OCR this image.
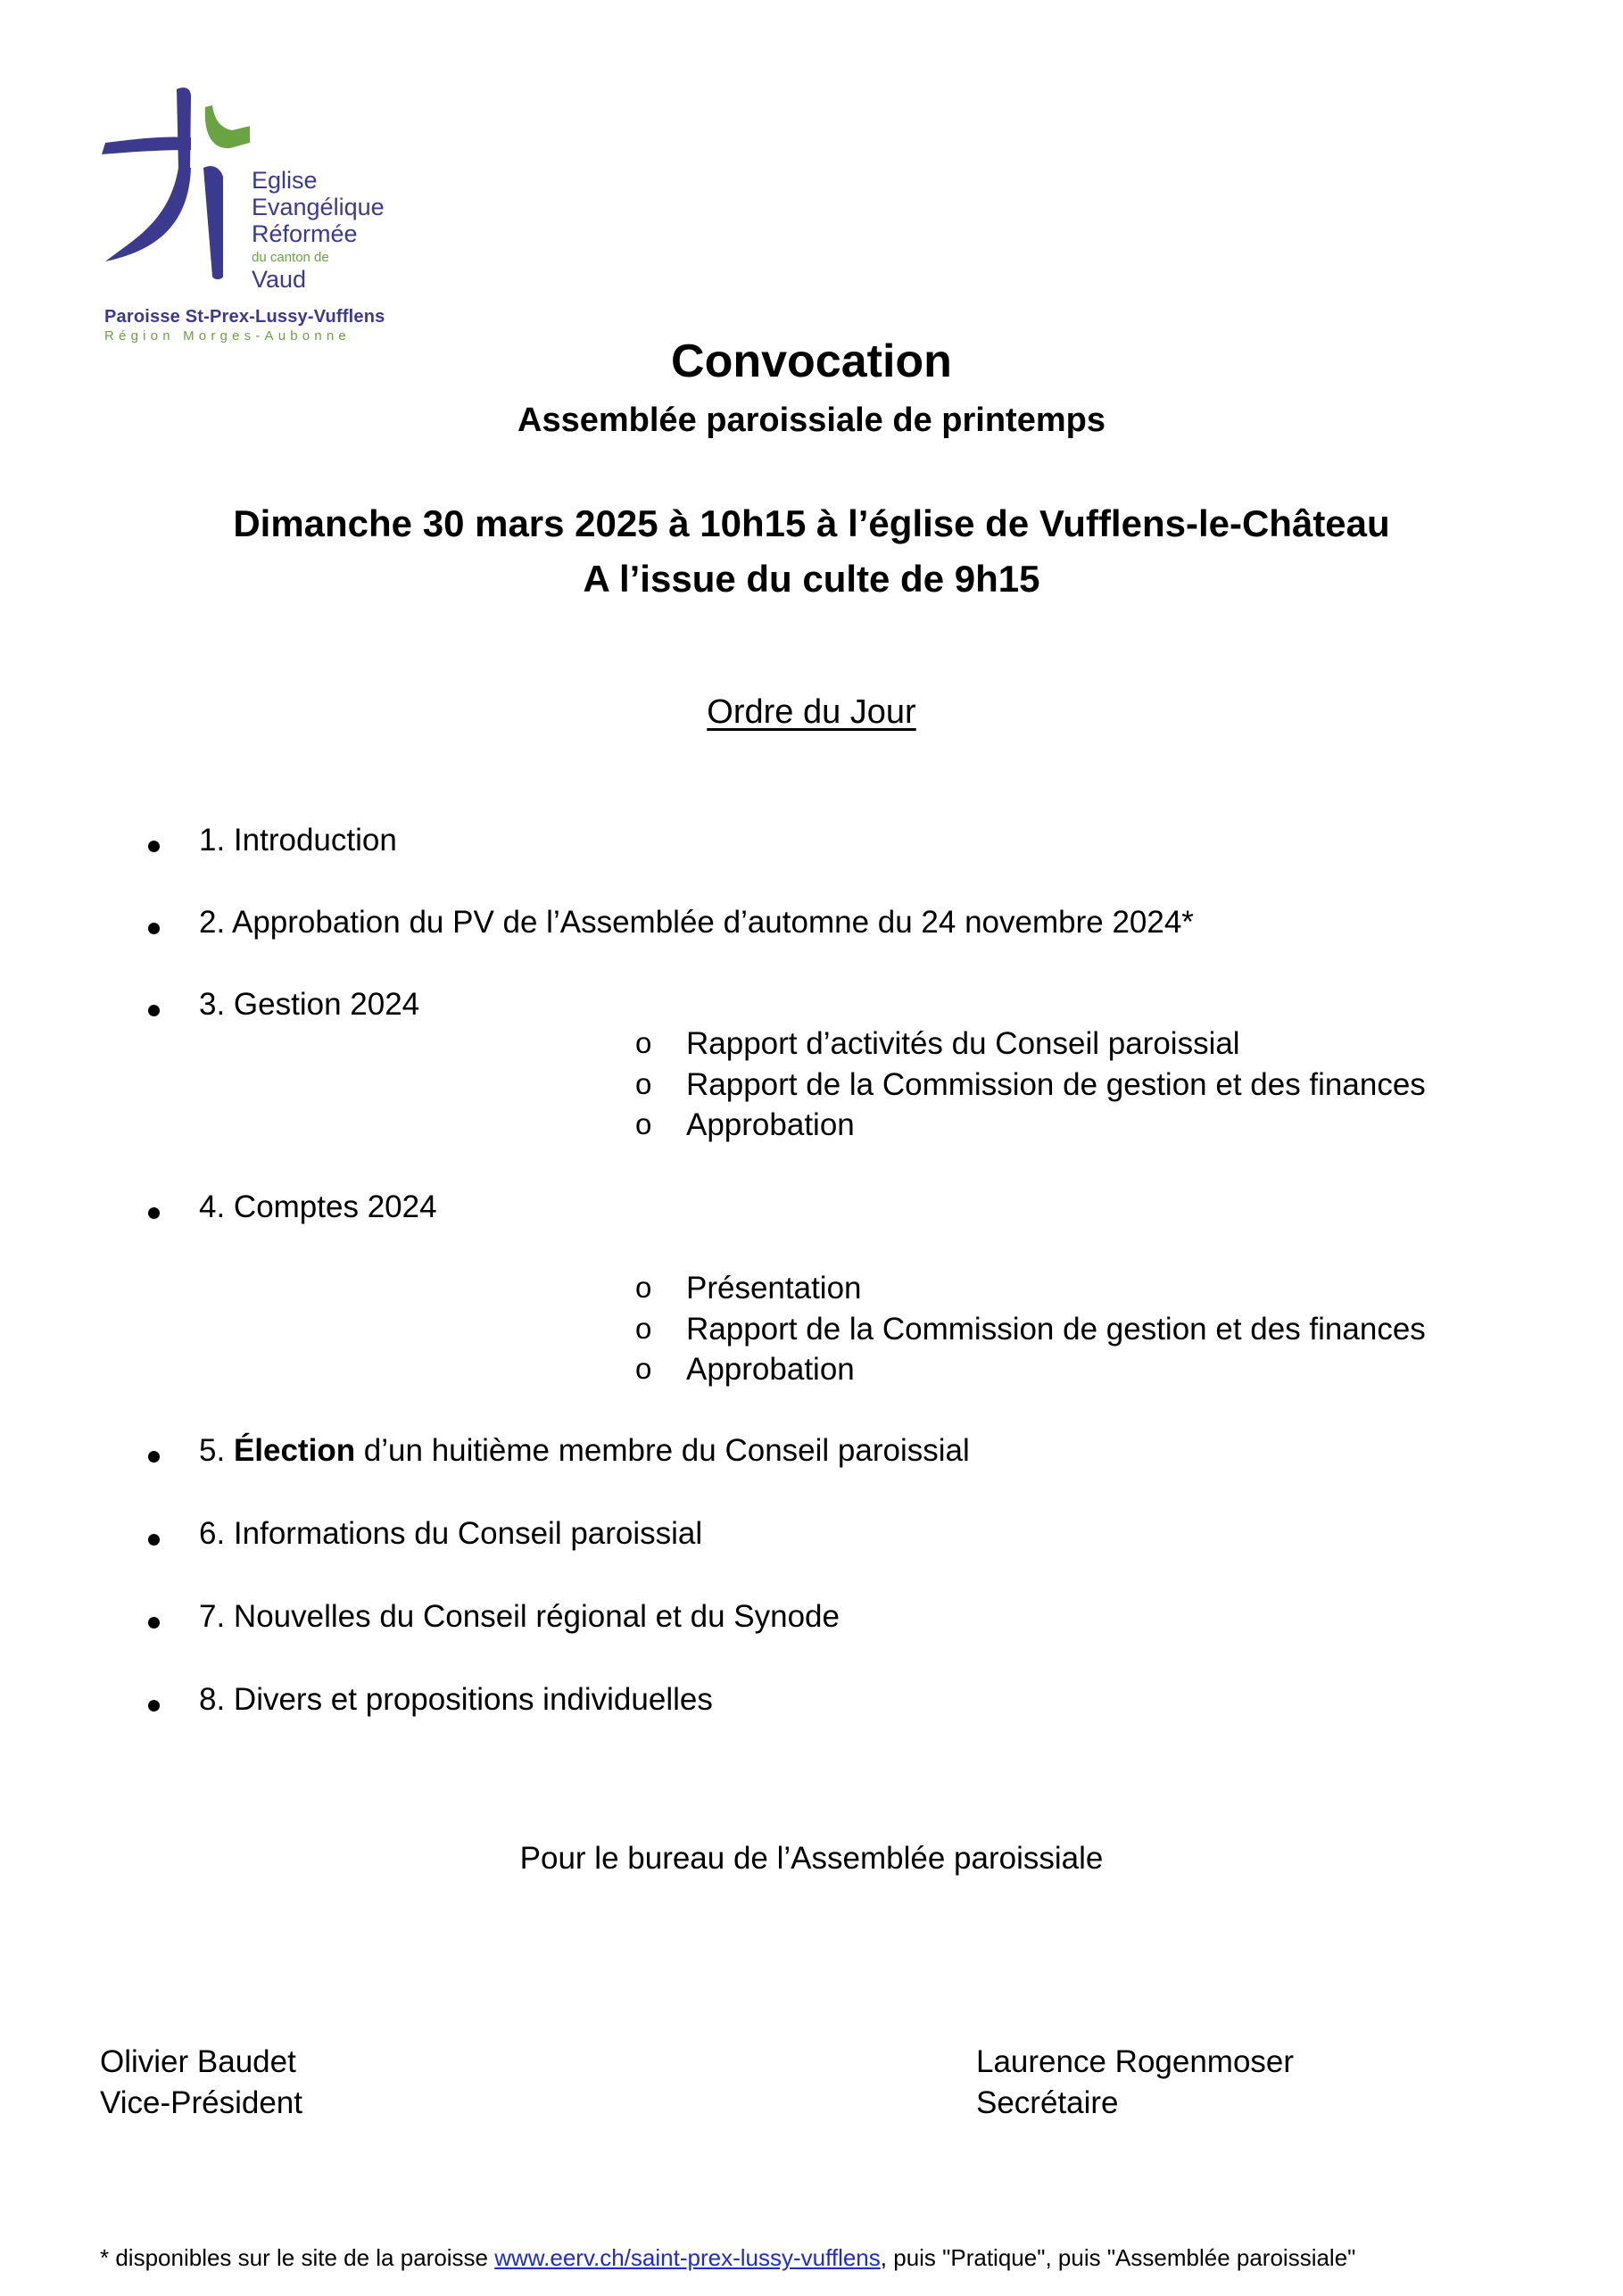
Eglise
Evangélique
Réformée
du canton de
Vaud
Paroisse St-Prex-Lussy-Vufflens
Région Morges-Aubonne	Convocation
Assemblée paroissiale de printemps
Dimanche 30 mars 2025 à 10h15 à l’église de Vufflens-le-Château
A l’issue du culte de 9h15
Ordre du Jour
1. Introduction
2. Approbation du PV de l’Assemblée d’automne du 24 novembre 2024*
3. Gestion 2024
o Rapport d’activités du Conseil paroissial
o Rapport de la Commission de gestion et des finances
o Approbation
4. Comptes 2024
o Présentation
o Rapport de la Commission de gestion et des finances
o Approbation
5. Élection d’un huitième membre du Conseil paroissial
6. Informations du Conseil paroissial
7. Nouvelles du Conseil régional et du Synode
8. Divers et propositions individuelles
Pour le bureau de l’Assemblée paroissiale
Olivier Baudet
Vice-Président
Laurence Rogenmoser
Secrétaire
* disponibles sur le site de la paroisse www.eerv.ch/saint-prex-lussy-vufflens, puis "Pratique", puis "Assemblée paroissiale"
